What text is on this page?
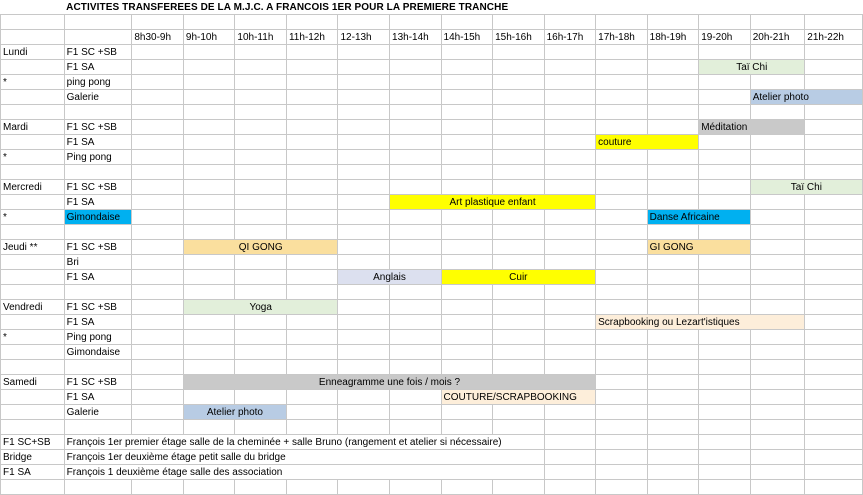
	ACTIVITES TRANSFEREES DE LA M.J.C. A FRANCOIS 1ER POUR LA PREMIERE TRANCHE														

		8h30-9h	9h-10h	10h-11h	11h-12h	12-13h	13h-14h	14h-15h	15h-16h	16h-17h	17h-18h	18h-19h	19-20h	20h-21h	21h-22h
Lundi	F1 SC +SB														
	F1 SA												Taï Chi		
*	ping pong														
	Galerie													Atelier photo	

Mardi	F1 SC +SB												Méditation		
	F1 SA										couture				
*	Ping pong														

Mercredi	F1 SC +SB													Taï Chi	
	F1 SA						Art plastique enfant								
*	Gimondaise											Danse Africaine			

Jeudi **	F1 SC +SB		QI GONG									GI GONG			
	Bri														
	F1 SA					Anglais		Cuir							

Vendredi	F1 SC +SB		Yoga												
	F1 SA										Scrapbooking ou Lezart'istiques				
*	Ping pong														
	Gimondaise														

Samedi	F1 SC +SB		Enneagramme une fois / mois ?												
	F1 SA							COUTURE/SCRAPBOOKING							
	Galerie		Atelier photo												

F1 SC+SB	François 1er premier étage salle de la cheminée + salle Bruno (rangement et atelier si nécessaire)														
Bridge	François 1er deuxième étage petit salle du bridge														
F1 SA	François 1 deuxième étage salle des association														
